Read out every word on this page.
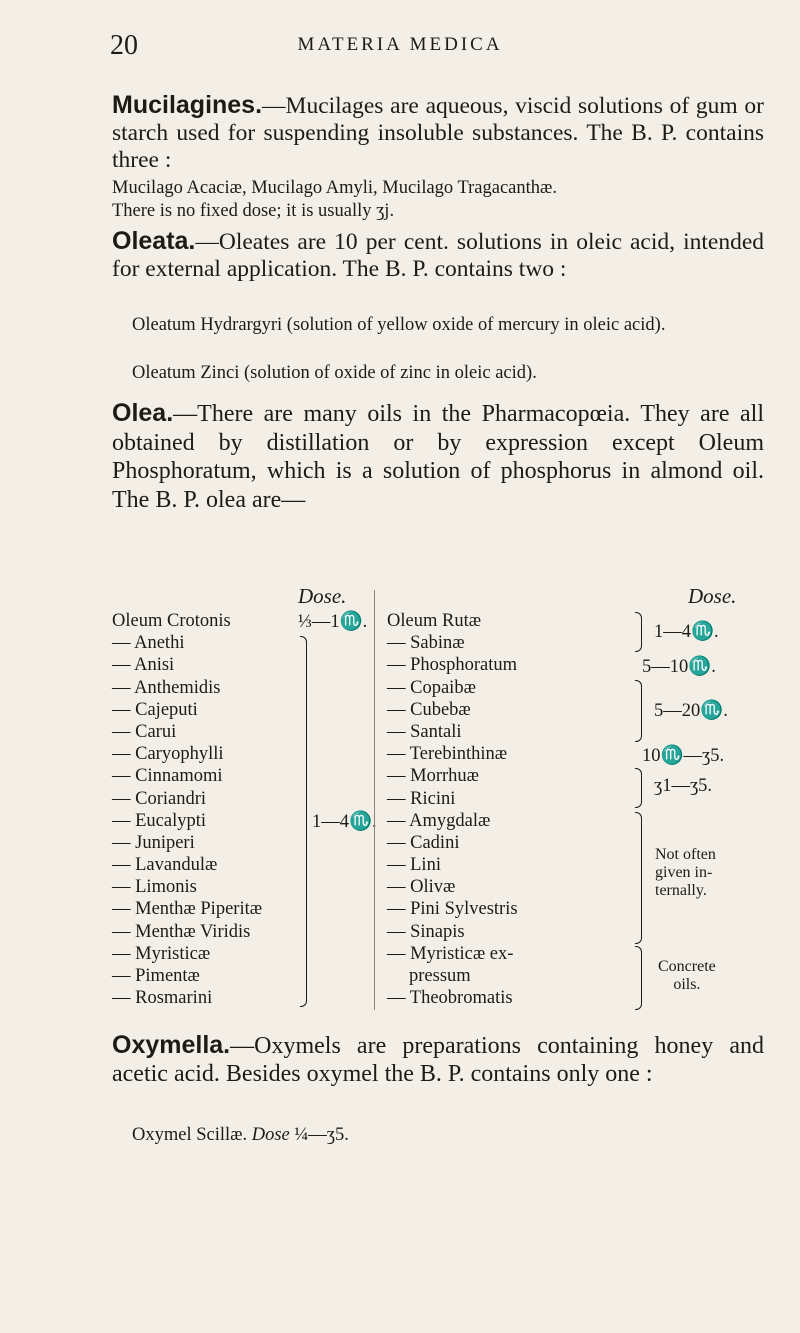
20	MATERIA MEDICA

Mucilagines.—Mucilages are aqueous, viscid solutions of gum or starch used for suspending insoluble substances. The B. P. contains three :

Mucilago Acaciæ, Mucilago Amyli, Mucilago Tragacanthæ.

There is no fixed dose; it is usually ʒj.

Oleata.—Oleates are 10 per cent. solutions in oleic acid, intended for external application. The B. P. contains two :

Oleatum Hydrargyri (solution of yellow oxide of mercury in oleic acid).

Oleatum Zinci (solution of oxide of zinc in oleic acid).

Olea.—There are many oils in the Pharmacopœia. They are all obtained by distillation or by expression except Oleum Phosphoratum, which is a solution of phosphorus in almond oil. The B. P. olea are—

Dose.	Dose.
Oleum Crotonis
— Anethi
— Anisi
— Anthemidis
— Cajeputi
— Carui
— Caryophylli
— Cinnamomi
— Coriandri
— Eucalypti
— Juniperi
— Lavandulæ
— Limonis
— Menthæ Piperitæ
— Menthæ Viridis
— Myristicæ
— Pimentæ
— Rosmarini
⅓—1♏.
1—4♏.
Oleum Rutæ
— Sabinæ
— Phosphoratum
— Copaibæ
— Cubebæ
— Santali
— Terebinthinæ
— Morrhuæ
— Ricini
— Amygdalæ
— Cadini
— Lini
— Olivæ
— Pini Sylvestris
— Sinapis
— Myristicæ ex-
pressum
— Theobromatis
1—4♏.
5—10♏.
5—20♏.
10♏—ʒ5.
ʒ1—ʒ5.
Not often
given in-
ternally.
Concrete
oils.

Oxymella.—Oxymels are preparations containing honey and acetic acid. Besides oxymel the B. P. contains only one :

Oxymel Scillæ. Dose ¼—ʒ5.
